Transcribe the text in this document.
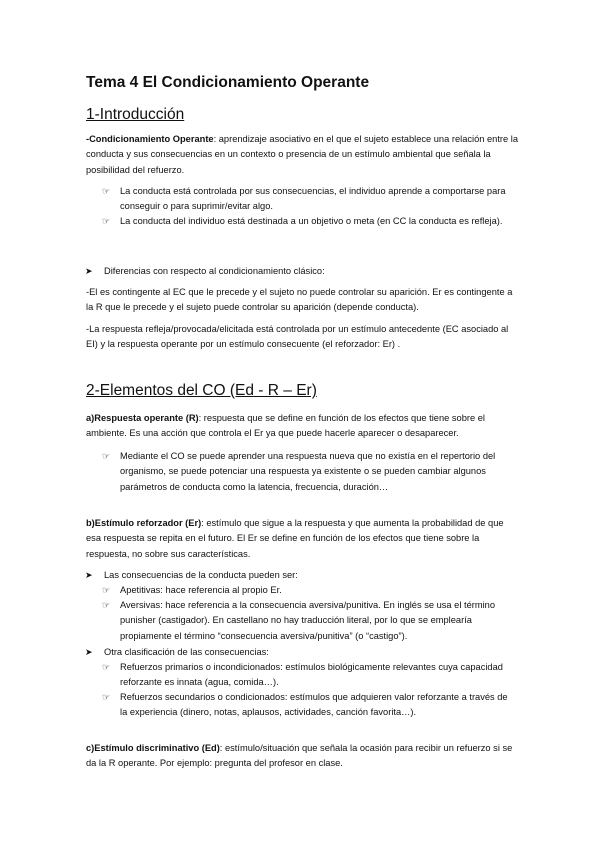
Tema 4 El Condicionamiento Operante
1-Introducción
-Condicionamiento Operante: aprendizaje asociativo en el que el sujeto establece una relación entre la conducta y sus consecuencias en un contexto o presencia de un estímulo ambiental que señala la posibilidad del refuerzo.
☞ La conducta está controlada por sus consecuencias, el individuo aprende a comportarse para conseguir o para suprimir/evitar algo.
☞ La conducta del individuo está destinada a un objetivo o meta (en CC la conducta es refleja).
➤ Diferencias con respecto al condicionamiento clásico:
-El es contingente al EC que le precede y el sujeto no puede controlar su aparición. Er es contingente a la R que le precede y el sujeto puede controlar su aparición (depende conducta).
-La respuesta refleja/provocada/elicitada está controlada por un estímulo antecedente (EC asociado al EI) y la respuesta operante por un estímulo consecuente (el reforzador: Er) .
2-Elementos del CO (Ed - R – Er)
a)Respuesta operante (R): respuesta que se define en función de los efectos que tiene sobre el ambiente. Es una acción que controla el Er ya que puede hacerle aparecer o desaparecer.
☞ Mediante el CO se puede aprender una respuesta nueva que no existía en el repertorio del organismo, se puede potenciar una respuesta ya existente o se pueden cambiar algunos parámetros de conducta como la latencia, frecuencia, duración…
b)Estímulo reforzador (Er): estímulo que sigue a la respuesta y que aumenta la probabilidad de que esa respuesta se repita en el futuro. El Er se define en función de los efectos que tiene sobre la respuesta, no sobre sus características.
➤ Las consecuencias de la conducta pueden ser:
☞ Apetitivas: hace referencia al propio Er.
☞ Aversivas: hace referencia a la consecuencia aversiva/punitiva. En inglés se usa el término punisher (castigador). En castellano no hay traducción literal, por lo que se emplearía propiamente el término “consecuencia aversiva/punitiva” (o “castigo”).
➤ Otra clasificación de las consecuencias:
☞ Refuerzos primarios o incondicionados: estímulos biológicamente relevantes cuya capacidad reforzante es innata (agua, comida…).
☞ Refuerzos secundarios o condicionados: estímulos que adquieren valor reforzante a través de la experiencia (dinero, notas, aplausos, actividades, canción favorita…).
c)Estímulo discriminativo (Ed): estímulo/situación que señala la ocasión para recibir un refuerzo si se da la R operante. Por ejemplo: pregunta del profesor en clase.
